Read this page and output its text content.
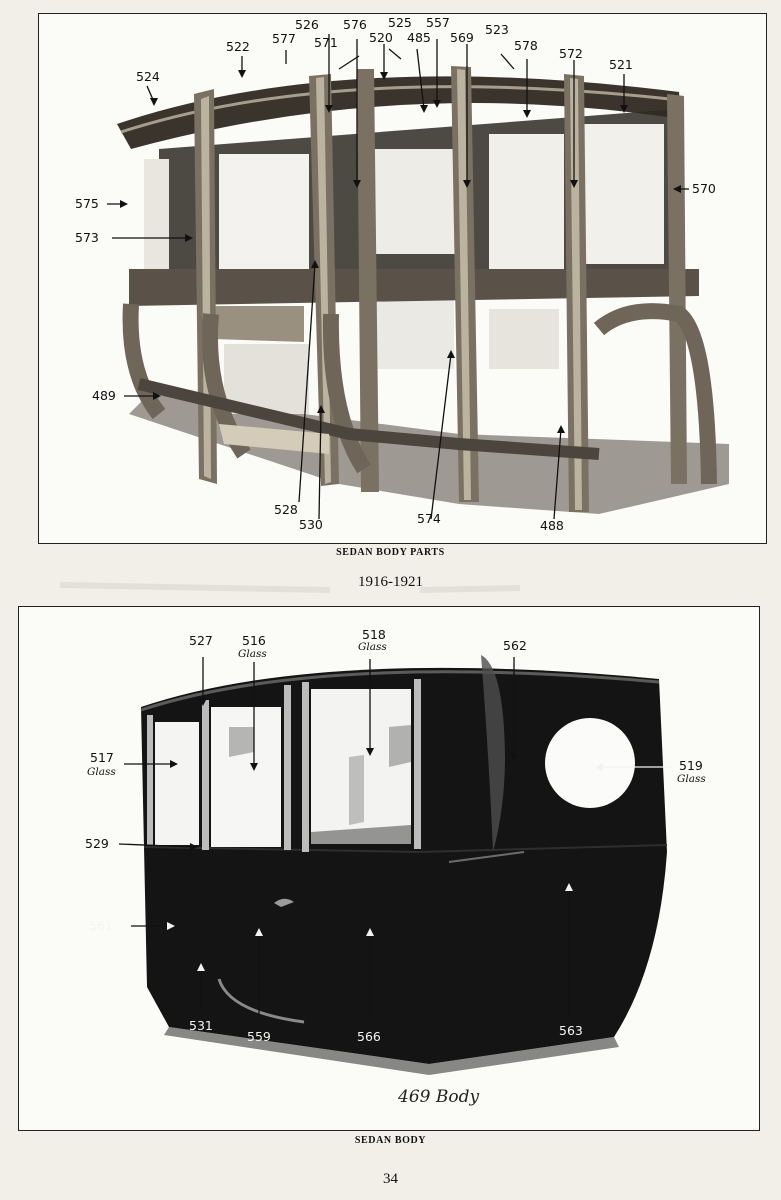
524
522
577
526
571
576 525
520 485
557
569
523
578
572
521
575
573
570
489
528
530	574	488
SEDAN BODY PARTS
1916-1921
527 516
Glass
518
Glass	562
517
Glass	519
Glass
529
561
531
559	566	563
469 Body
SEDAN BODY
34
